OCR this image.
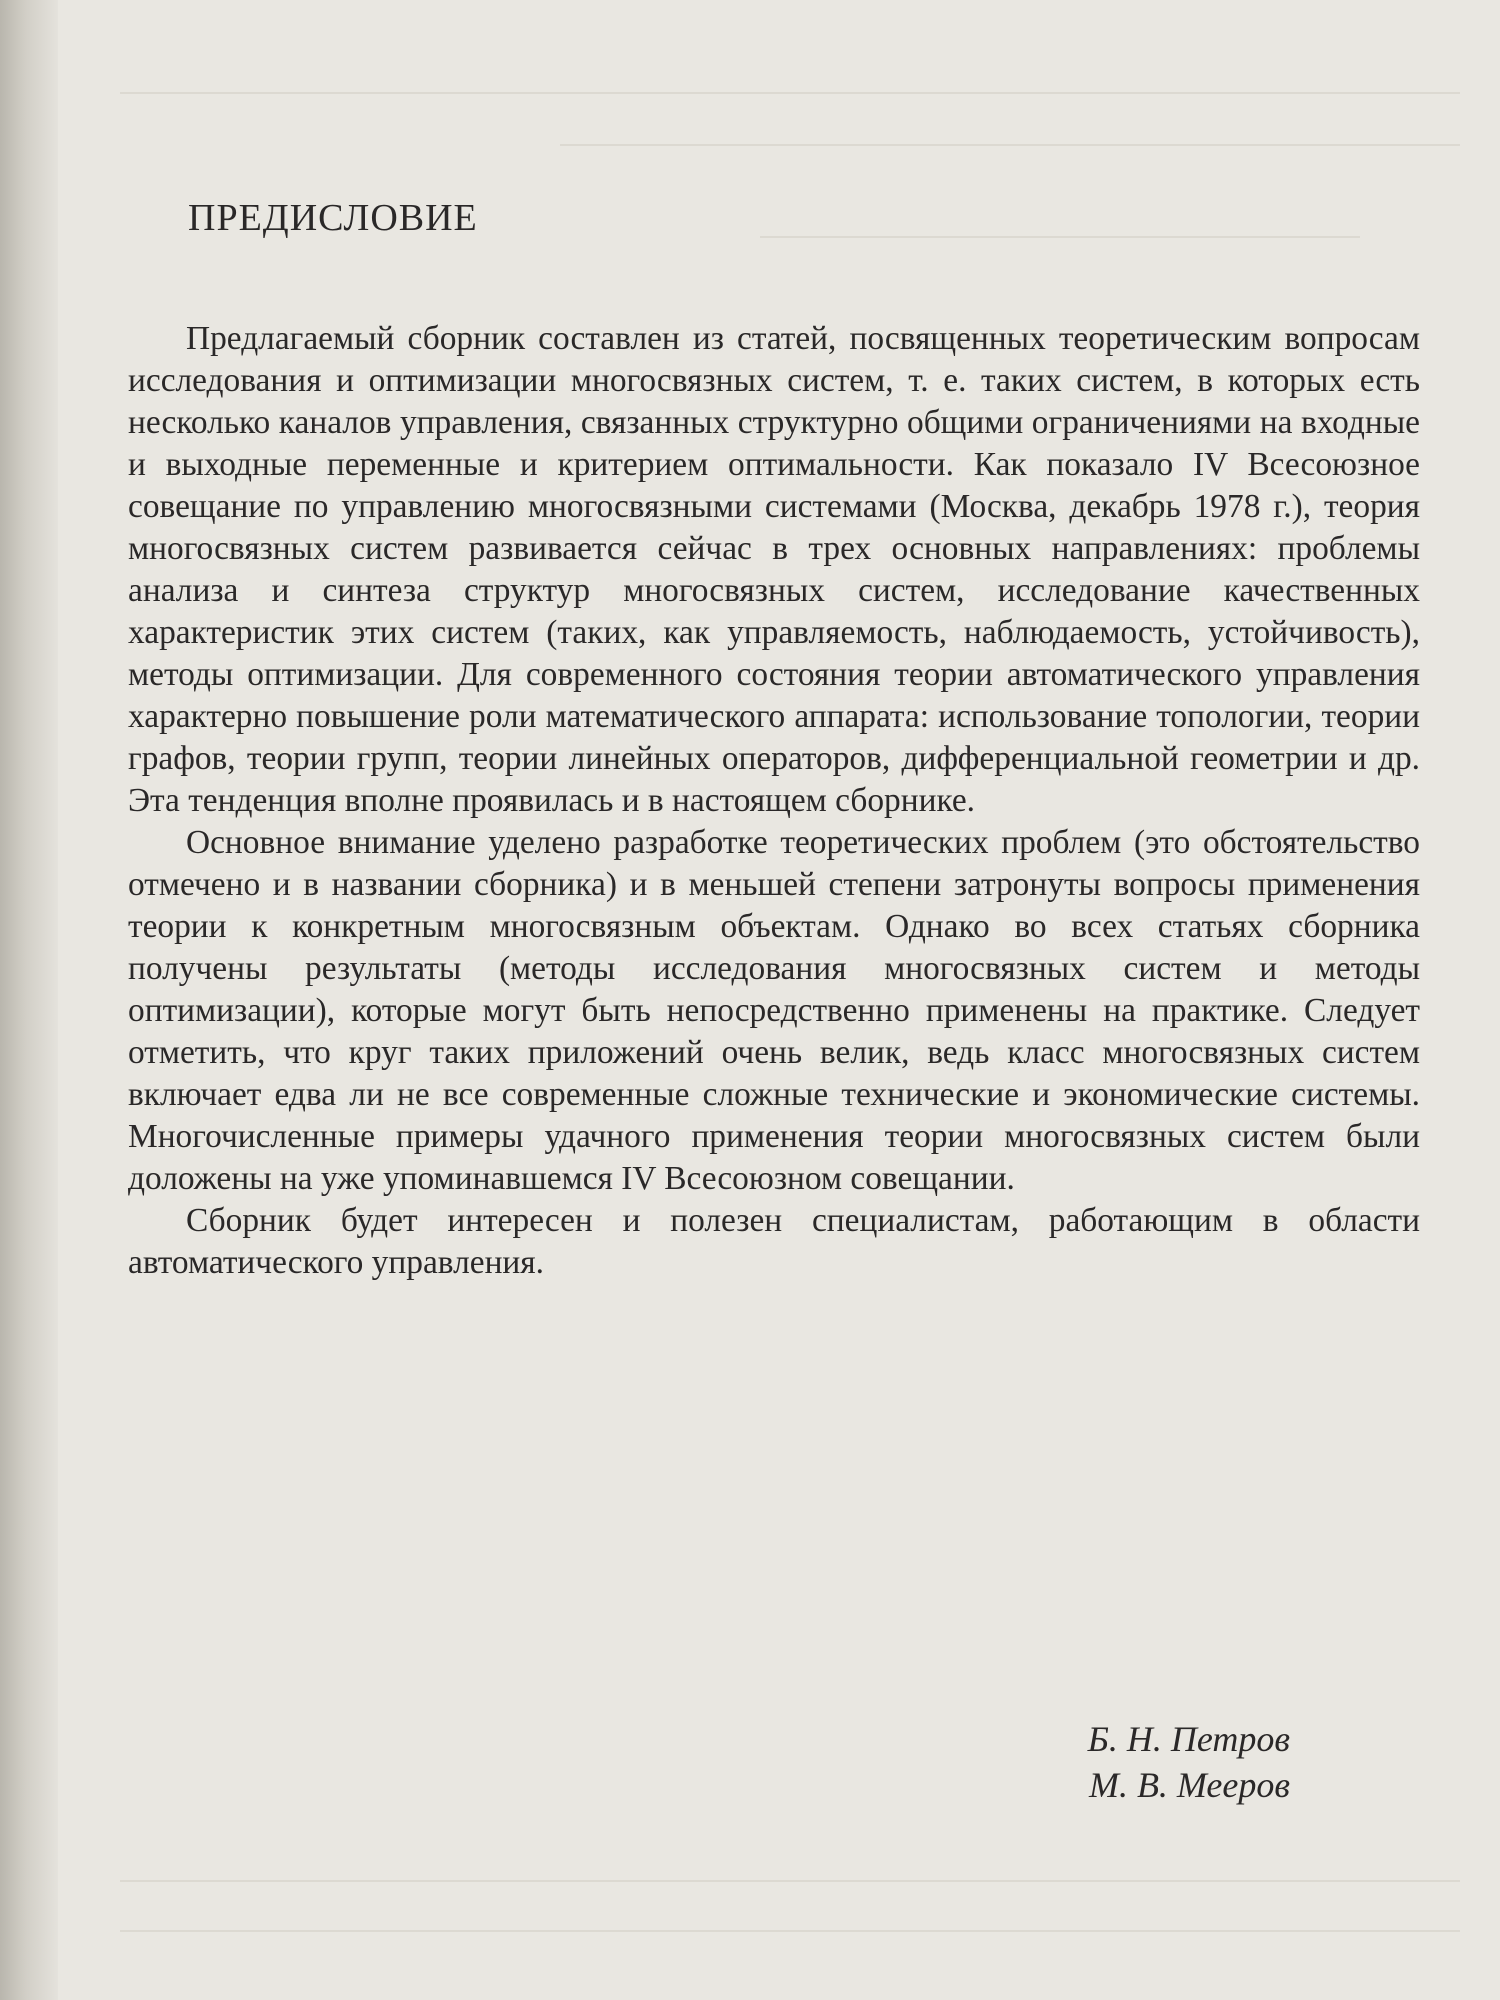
ПРЕДИСЛОВИЕ

Предлагаемый сборник составлен из статей, посвященных теоретическим вопросам исследования и оптимизации многосвязных систем, т. е. таких систем, в которых есть несколько каналов управления, связанных структурно общими ограничениями на входные и выходные переменные и критерием оптимальности. Как показало IV Всесоюзное совещание по управлению многосвязными системами (Москва, декабрь 1978 г.), теория многосвязных систем развивается сейчас в трех основных направлениях: проблемы анализа и синтеза структур многосвязных систем, исследование качественных характеристик этих систем (таких, как управляемость, наблюдаемость, устойчивость), методы оптимизации. Для современного состояния теории автоматического управления характерно повышение роли математического аппарата: использование топологии, теории графов, теории групп, теории линейных операторов, дифференциальной геометрии и др. Эта тенденция вполне проявилась и в настоящем сборнике.

Основное внимание уделено разработке теоретических проблем (это обстоятельство отмечено и в названии сборника) и в меньшей степени затронуты вопросы применения теории к конкретным многосвязным объектам. Однако во всех статьях сборника получены результаты (методы исследования многосвязных систем и методы оптимизации), которые могут быть непосредственно применены на практике. Следует отметить, что круг таких приложений очень велик, ведь класс многосвязных систем включает едва ли не все современные сложные технические и экономические системы. Многочисленные примеры удачного применения теории многосвязных систем были доложены на уже упоминавшемся IV Всесоюзном совещании.

Сборник будет интересен и полезен специалистам, работающим в области автоматического управления.

Б. Н. Петров
М. В. Мееров
